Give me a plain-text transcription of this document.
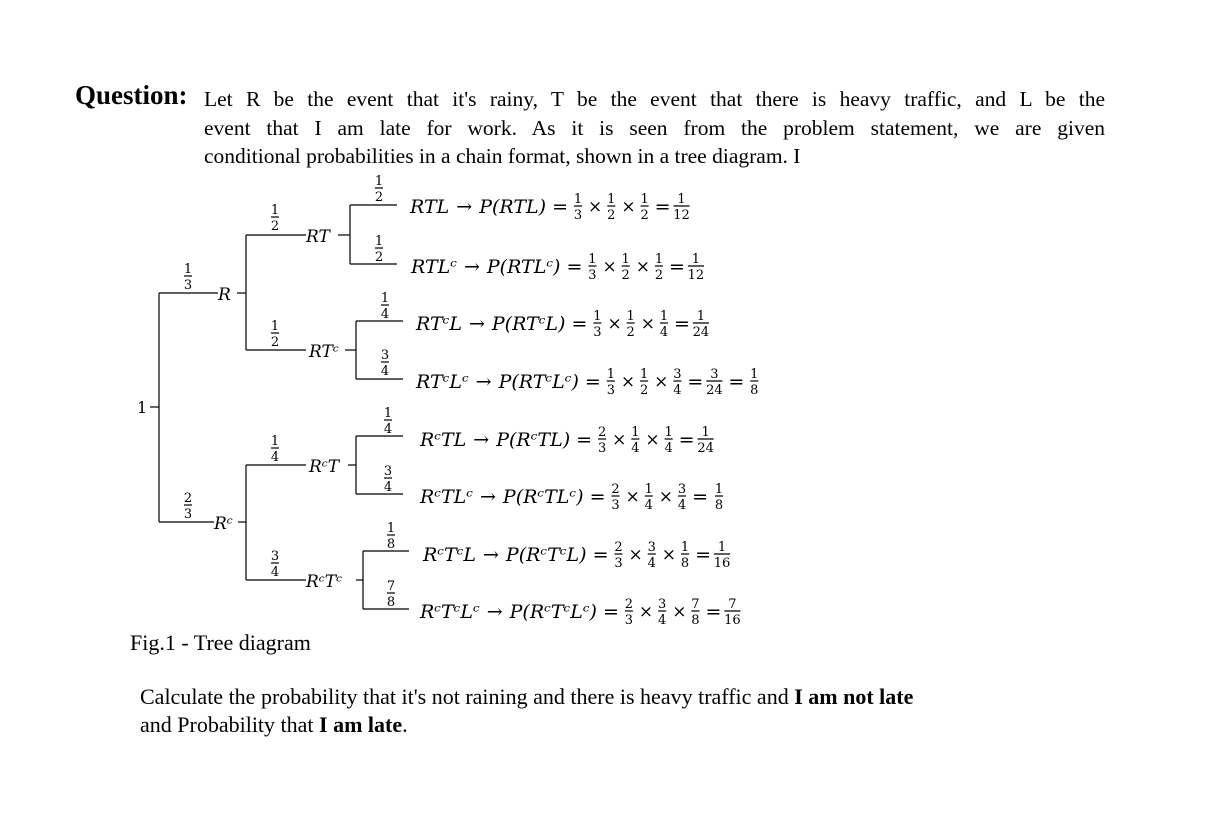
Question: Let R be the event that it's rainy, T be the event that there is heavy traffic, and L be the
event that I am late for work. As it is seen from the problem statement, we are given
conditional probabilities in a chain format, shown in a tree diagram. I
1
R
1
3
Rᶜ
2
3
RT
1
2
RTᶜ
1
2
RᶜT
1
4
RᶜTᶜ
3
4
1
2
1
2
1
4
3
4
1
4
3
4
1
8
7
8
RTL → P(RTL) = 1
3 × 1
2 × 1
2 = 1
12
RTLᶜ → P(RTLᶜ) = 1
3 × 1
2 × 1
2 = 1
12
RTᶜL → P(RTᶜL) = 1
3 × 1
2 × 1
4 = 1
24
RTᶜLᶜ → P(RTᶜLᶜ) = 1
3 × 1
2 × 3
4 = 3
24 = 1
8
RᶜTL → P(RᶜTL) = 2
3 × 1
4 × 1
4 = 1
24
RᶜTLᶜ → P(RᶜTLᶜ) = 2
3 × 1
4 × 3
4 = 1
8
RᶜTᶜL → P(RᶜTᶜL) = 2
3 × 3
4 × 1
8 = 1
16
RᶜTᶜLᶜ → P(RᶜTᶜLᶜ) = 2
3 × 3
4 × 7
8 = 7
16
Fig.1 - Tree diagram
Calculate the probability that it's not raining and there is heavy traffic and I am not late
and Probability that I am late.
